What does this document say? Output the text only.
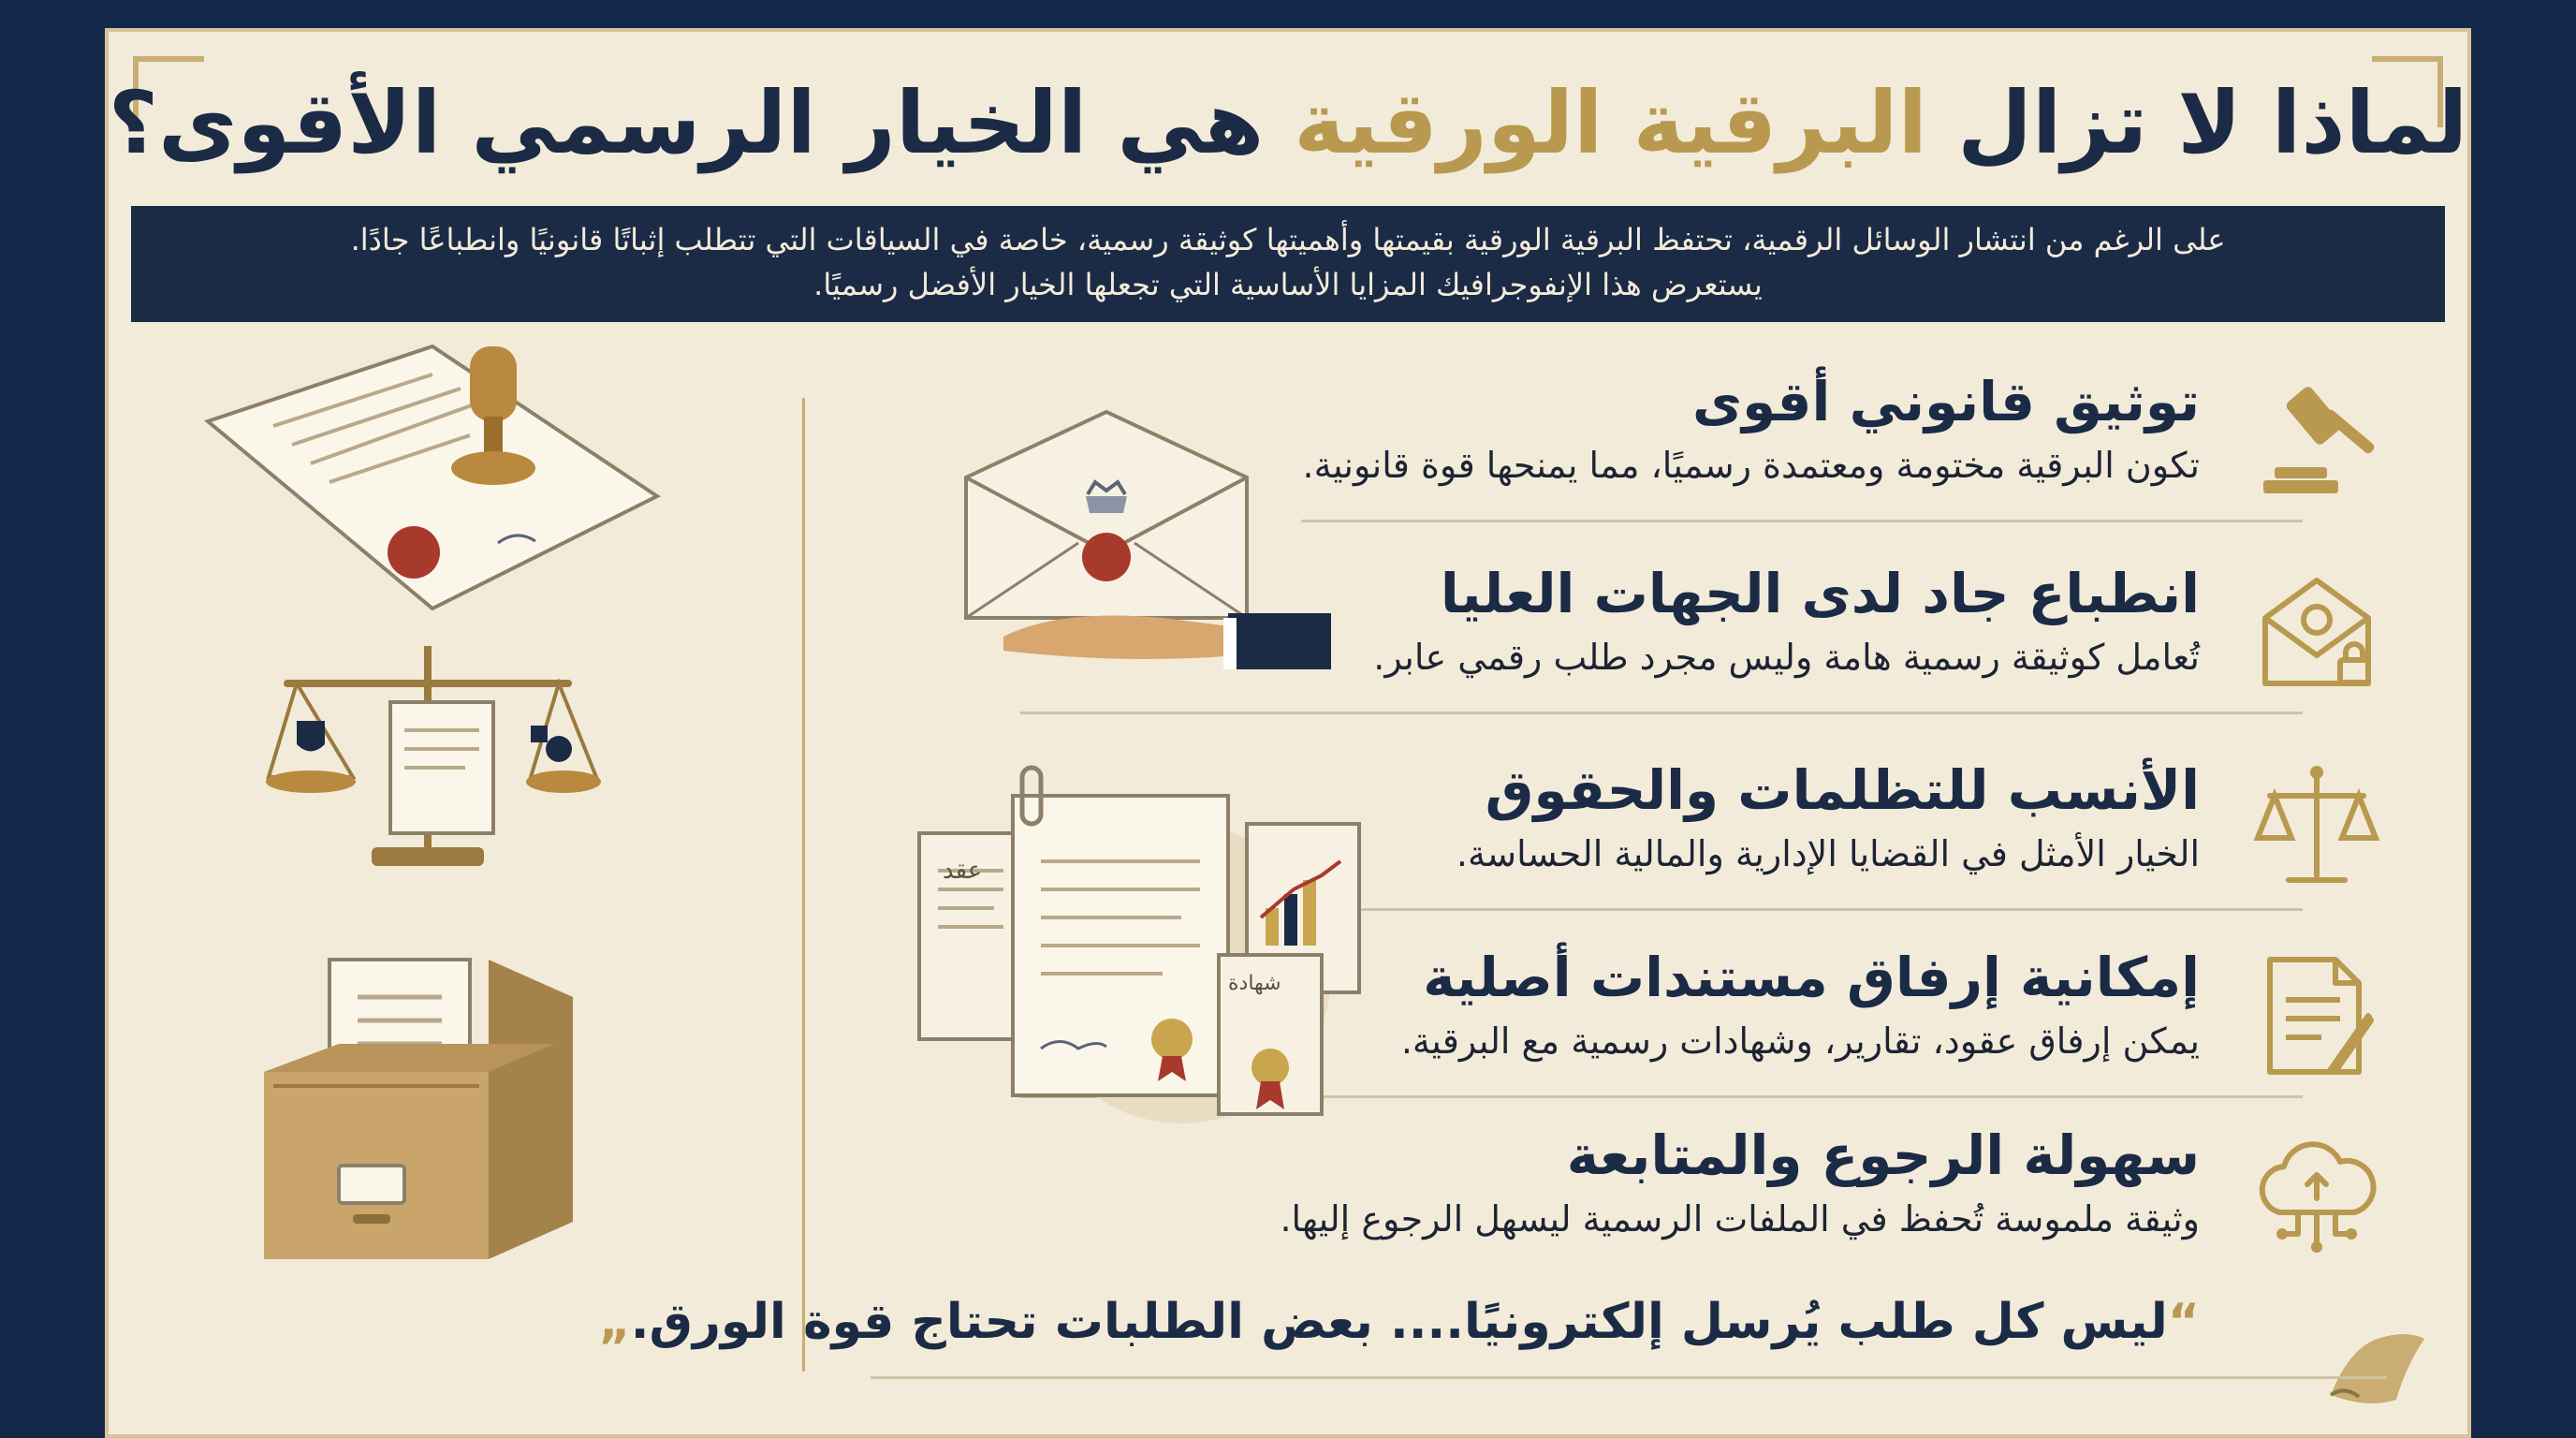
لماذا لا تزال البرقية الورقية هي الخيار الرسمي الأقوى؟

على الرغم من انتشار الوسائل الرقمية، تحتفظ البرقية الورقية بقيمتها وأهميتها كوثيقة رسمية، خاصة في السياقات التي تتطلب إثباتًا قانونيًا وانطباعًا جادًا.

يستعرض هذا الإنفوجرافيك المزايا الأساسية التي تجعلها الخيار الأفضل رسميًا.

توثيق قانوني أقوى

تكون البرقية مختومة ومعتمدة رسميًا، مما يمنحها قوة قانونية.

انطباع جاد لدى الجهات العليا

تُعامل كوثيقة رسمية هامة وليس مجرد طلب رقمي عابر.

الأنسب للتظلمات والحقوق

الخيار الأمثل في القضايا الإدارية والمالية الحساسة.

إمكانية إرفاق مستندات أصلية

يمكن إرفاق عقود، تقارير، وشهادات رسمية مع البرقية.

سهولة الرجوع والمتابعة

وثيقة ملموسة تُحفظ في الملفات الرسمية ليسهل الرجوع إليها.

“ليس كل طلب يُرسل إلكترونيًا.... بعض الطلبات تحتاج قوة الورق.„
عقد
شهادة
